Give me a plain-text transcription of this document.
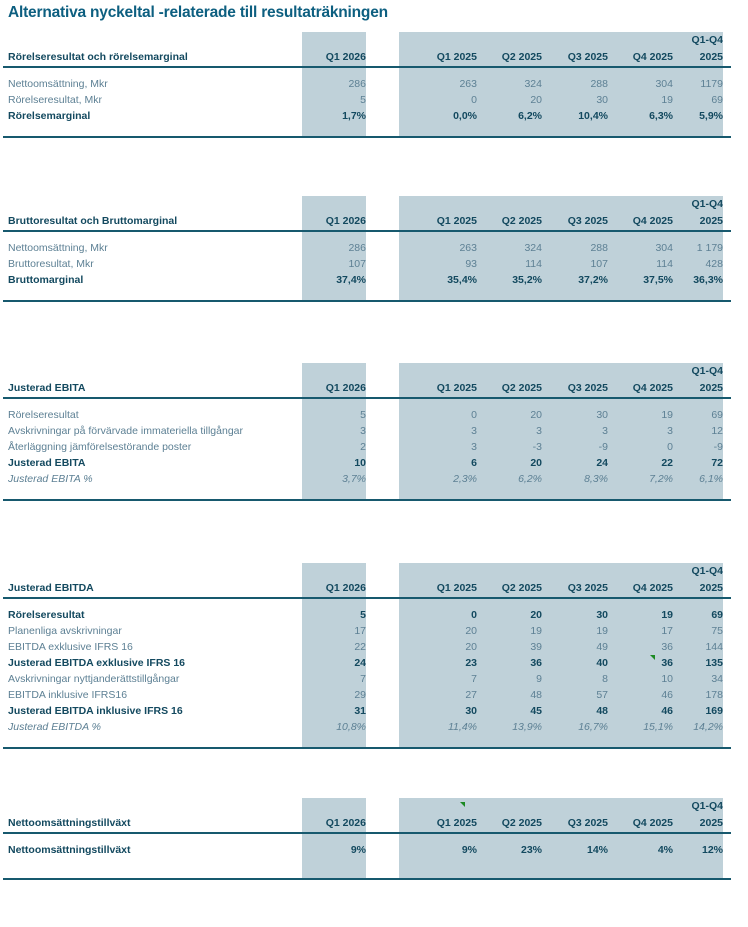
Alternativa nyckeltal -relaterade till resultaträkningen
Q1-Q4
Rörelseresultat och rörelsemarginal	Q1 2026	Q1 2025	Q2 2025	Q3 2025	Q4 2025	2025
Nettoomsättning, Mkr	286	263	324	288	304	1179
Rörelseresultat, Mkr	5	0	20	30	19	69
Rörelsemarginal	1,7%	0,0%	6,2%	10,4%	6,3%	5,9%
Q1-Q4
Bruttoresultat och Bruttomarginal	Q1 2026	Q1 2025	Q2 2025	Q3 2025	Q4 2025	2025
Nettoomsättning, Mkr	286	263	324	288	304	1 179
Bruttoresultat, Mkr	107	93	114	107	114	428
Bruttomarginal	37,4%	35,4%	35,2%	37,2%	37,5%	36,3%
Q1-Q4
Justerad EBITA	Q1 2026	Q1 2025	Q2 2025	Q3 2025	Q4 2025	2025
Rörelseresultat	5	0	20	30	19	69
Avskrivningar på förvärvade immateriella tillgångar	3	3	3	3	3	12
Återläggning jämförelsestörande poster	2	3	-3	-9	0	-9
Justerad EBITA	10	6	20	24	22	72
Justerad EBITA %	3,7%	2,3%	6,2%	8,3%	7,2%	6,1%
Q1-Q4
Justerad EBITDA	Q1 2026	Q1 2025	Q2 2025	Q3 2025	Q4 2025	2025
Rörelseresultat	5	0	20	30	19	69
Planenliga avskrivningar	17	20	19	19	17	75
EBITDA exklusive IFRS 16	22	20	39	49	36	144
Justerad EBITDA exklusive IFRS 16	24	23	36	40	36	135
Avskrivningar nyttjanderättstillgångar	7	7	9	8	10	34
EBITDA inklusive IFRS16	29	27	48	57	46	178
Justerad EBITDA inklusive IFRS 16	31	30	45	48	46	169
Justerad EBITDA %	10,8%	11,4%	13,9%	16,7%	15,1%	14,2%
Q1-Q4
Nettoomsättningstillväxt	Q1 2026	Q1 2025	Q2 2025	Q3 2025	Q4 2025	2025
Nettoomsättningstillväxt	9%	9%	23%	14%	4%	12%
